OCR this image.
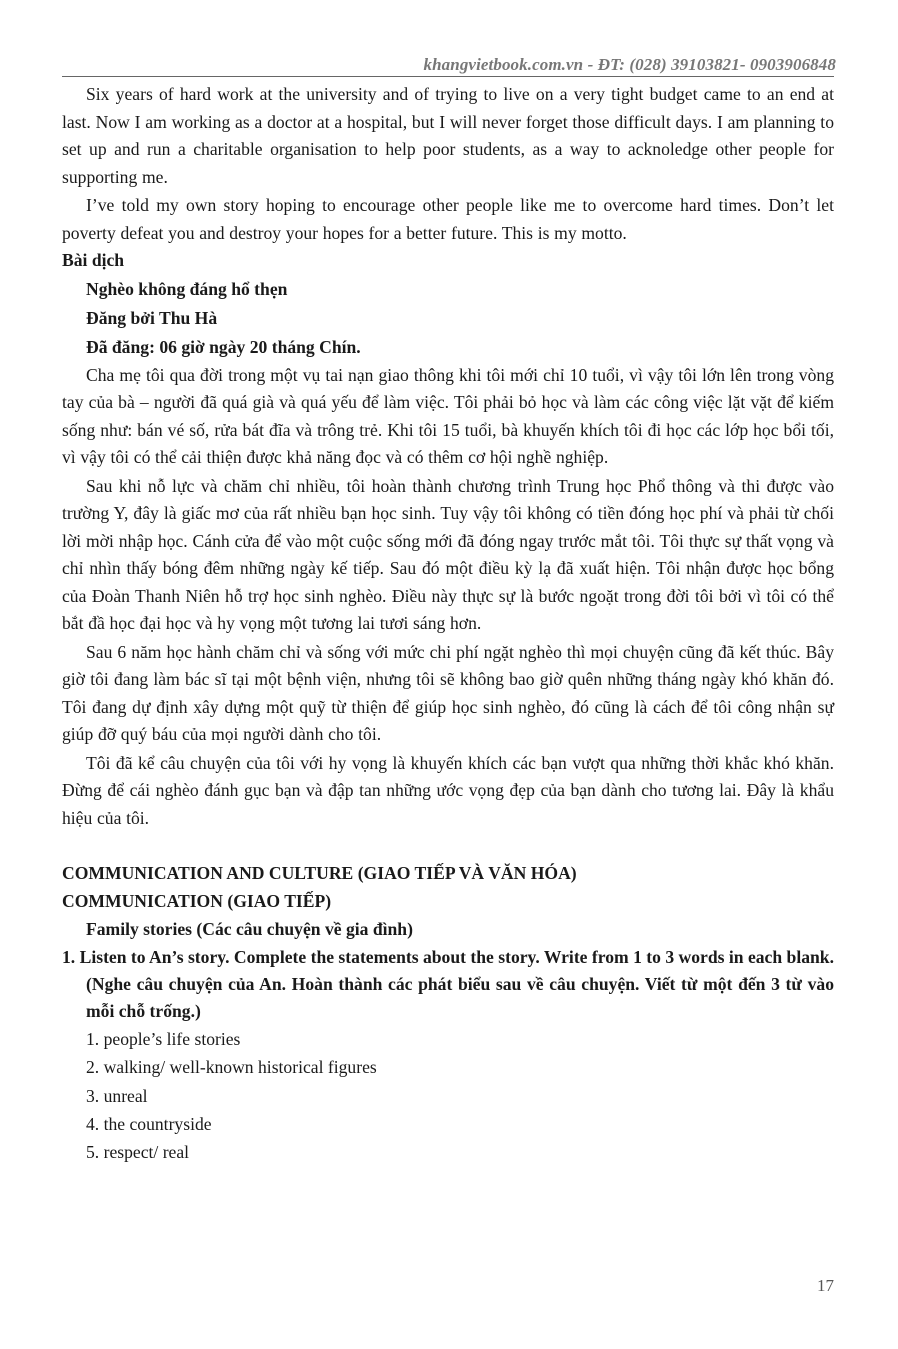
khangvietbook.com.vn - ĐT: (028) 39103821- 0903906848

Six years of hard work at the university and of trying to live on a very tight budget came to an end at last. Now I am working as a doctor at a hospital, but I will never forget those difficult days. I am planning to set up and run a charitable organisation to help poor students, as a way to acknoledge other people for supporting me.

I’ve told my own story hoping to encourage other people like me to overcome hard times. Don’t let poverty defeat you and destroy your hopes for a better future. This is my motto.

Bài dịch

Nghèo không đáng hổ thẹn

Đăng bởi Thu Hà

Đã đăng: 06 giờ ngày 20 tháng Chín.

Cha mẹ tôi qua đời trong một vụ tai nạn giao thông khi tôi mới chỉ 10 tuổi, vì vậy tôi lớn lên trong vòng tay của bà – người đã quá già và quá yếu để làm việc. Tôi phải bỏ học và làm các công việc lặt vặt để kiếm sống như: bán vé số, rửa bát đĩa và trông trẻ. Khi tôi 15 tuổi, bà khuyến khích tôi đi học các lớp học bổi tối, vì vậy tôi có thể cải thiện được khả năng đọc và có thêm cơ hội nghề nghiệp.

Sau khi nỗ lực và chăm chỉ nhiều, tôi hoàn thành chương trình Trung học Phổ thông và thi được vào trường Y, đây là giấc mơ của rất nhiều bạn học sinh. Tuy vậy tôi không có tiền đóng học phí và phải từ chối lời mời nhập học. Cánh cửa để vào một cuộc sống mới đã đóng ngay trước mắt tôi. Tôi thực sự thất vọng và chỉ nhìn thấy bóng đêm những ngày kế tiếp. Sau đó một điều kỳ lạ đã xuất hiện. Tôi nhận được học bổng của Đoàn Thanh Niên hỗ trợ học sinh nghèo. Điều này thực sự là bước ngoặt trong đời tôi bởi vì tôi có thể bắt đầ học đại học và hy vọng một tương lai tươi sáng hơn.

Sau 6 năm học hành chăm chỉ và sống với mức chi phí ngặt nghèo thì mọi chuyện cũng đã kết thúc. Bây giờ tôi đang làm bác sĩ tại một bệnh viện, nhưng tôi sẽ không bao giờ quên những tháng ngày khó khăn đó. Tôi đang dự định xây dựng một quỹ từ thiện để giúp học sinh nghèo, đó cũng là cách để tôi công nhận sự giúp đỡ quý báu của mọi người dành cho tôi.

Tôi đã kể câu chuyện của tôi với hy vọng là khuyến khích các bạn vượt qua những thời khắc khó khăn. Đừng để cái nghèo đánh gục bạn và đập tan những ước vọng đẹp của bạn dành cho tương lai. Đây là khẩu hiệu của tôi.

COMMUNICATION AND CULTURE (GIAO TIẾP VÀ VĂN HÓA)

COMMUNICATION (GIAO TIẾP)

Family stories (Các câu chuyện về gia đình)

1. Listen to An’s story. Complete the statements about the story. Write from 1 to 3 words in each blank. (Nghe câu chuyện của An. Hoàn thành các phát biểu sau về câu chuyện. Viết từ một đến 3 từ vào mỗi chỗ trống.)

1. people’s life stories

2. walking/ well-known historical figures

3. unreal

4. the countryside

5. respect/ real

17
